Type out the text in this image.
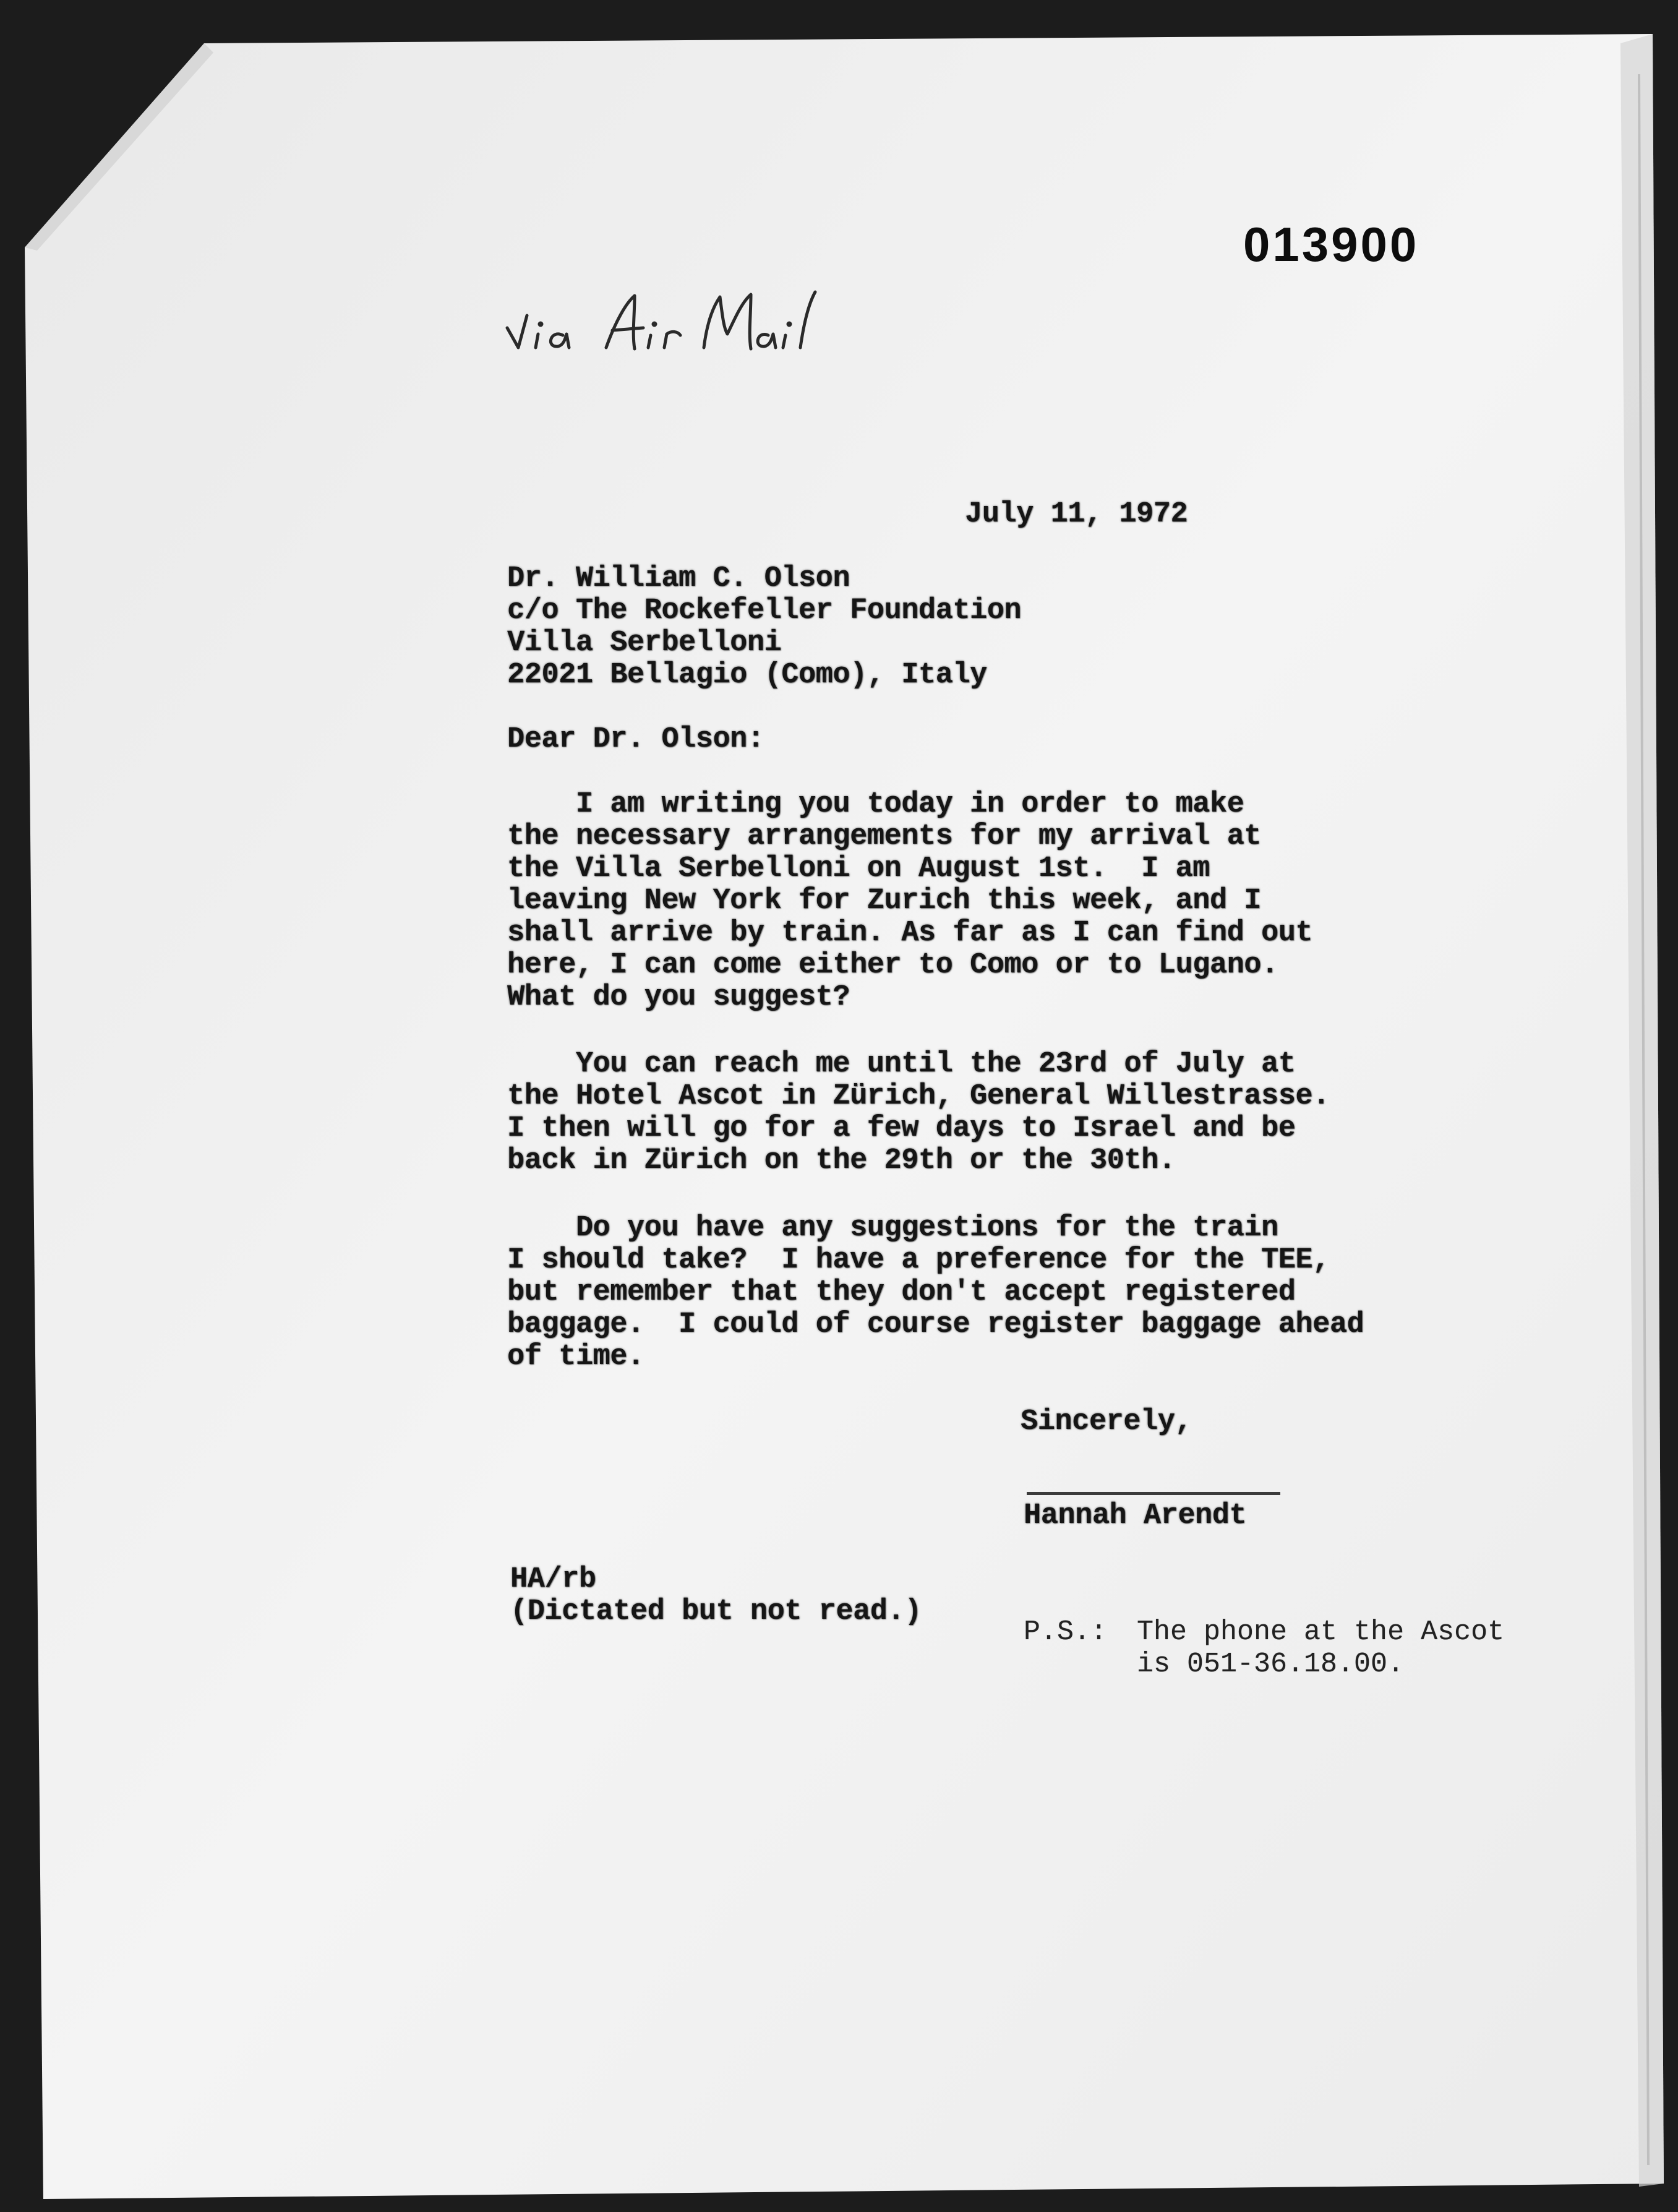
013900
July 11, 1972
Dr. William C. Olson
c/o The Rockefeller Foundation
Villa Serbelloni
22021 Bellagio (Como), Italy
Dear Dr. Olson:
I am writing you today in order to make
the necessary arrangements for my arrival at
the Villa Serbelloni on August 1st.  I am
leaving New York for Zurich this week, and I
shall arrive by train. As far as I can find out
here, I can come either to Como or to Lugano.
What do you suggest?
You can reach me until the 23rd of July at
the Hotel Ascot in Zürich, General Willestrasse.
I then will go for a few days to Israel and be
back in Zürich on the 29th or the 30th.
Do you have any suggestions for the train
I should take?  I have a preference for the TEE,
but remember that they don't accept registered
baggage.  I could of course register baggage ahead
of time.
Sincerely,
Hannah Arendt
HA/rb
(Dictated but not read.)
P.S.: The phone at the Ascot
is 051-36.18.00.
